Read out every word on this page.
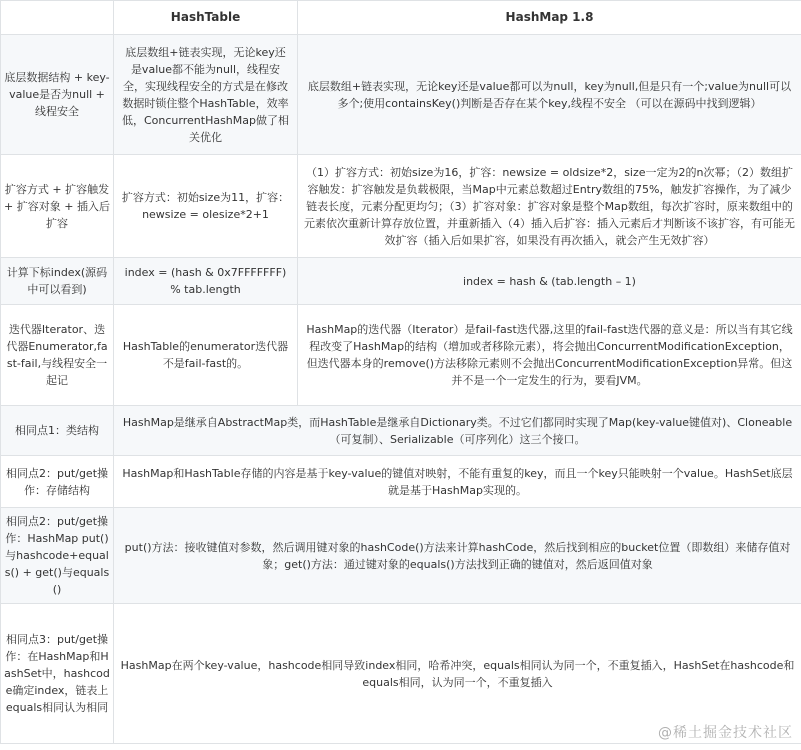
	HashTable	HashMap 1.8
底层数据结构 + key-value是否为null + 线程安全	底层数组+链表实现，无论key还是value都不能为null，线程安全，实现线程安全的方式是在修改数据时锁住整个HashTable，效率低，ConcurrentHashMap做了相关优化	底层数组+链表实现，无论key还是value都可以为null，key为null,但是只有一个;value为null可以多个;使用containsKey()判断是否存在某个key,线程不安全 （可以在源码中找到逻辑）
扩容方式 + 扩容触发 + 扩容对象 + 插入后扩容	扩容方式：初始size为11，扩容：newsize = olesize*2+1	（1）扩容方式：初始size为16，扩容：newsize = oldsize*2，size一定为2的n次幂；（2）数组扩容触发：扩容触发是负载极限，当Map中元素总数超过Entry数组的75%，触发扩容操作，为了减少链表长度，元素分配更均匀；（3）扩容对象：扩容对象是整个Map数组，每次扩容时，原来数组中的元素依次重新计算存放位置，并重新插入（4）插入后扩容：插入元素后才判断该不该扩容，有可能无效扩容（插入后如果扩容，如果没有再次插入，就会产生无效扩容）
计算下标index(源码中可以看到)	index = (hash & 0x7FFFFFFF) % tab.length	index = hash & (tab.length – 1)
迭代器Iterator、迭代器Enumerator,fast-fail,与线程安全一起记	HashTable的enumerator迭代器不是fail-fast的。	HashMap的迭代器（Iterator）是fail-fast迭代器,这里的fail-fast迭代器的意义是：所以当有其它线程改变了HashMap的结构（增加或者移除元素），将会抛出ConcurrentModificationException，但迭代器本身的remove()方法移除元素则不会抛出ConcurrentModificationException异常。但这并不是一个一定发生的行为，要看JVM。
相同点1：类结构	HashMap是继承自AbstractMap类，而HashTable是继承自Dictionary类。不过它们都同时实现了Map(key-value键值对)、Cloneable（可复制）、Serializable（可序列化）这三个接口。	
相同点2：put/get操作：存储结构	HashMap和HashTable存储的内容是基于key-value的键值对映射，不能有重复的key，而且一个key只能映射一个value。HashSet底层就是基于HashMap实现的。	
相同点2：put/get操作：HashMap put()与hashcode+equals() + get()与equals()	put()方法：接收键值对参数，然后调用键对象的hashCode()方法来计算hashCode，然后找到相应的bucket位置（即数组）来储存值对象；get()方法：通过键对象的equals()方法找到正确的键值对，然后返回值对象	
相同点3：put/get操作：在HashMap和HashSet中，hashcode确定index，链表上equals相同认为相同	HashMap在两个key-value，hashcode相同导致index相同，哈希冲突，equals相同认为同一个，不重复插入，HashSet在hashcode和equals相同，认为同一个，不重复插入	
@稀土掘金技术社区
